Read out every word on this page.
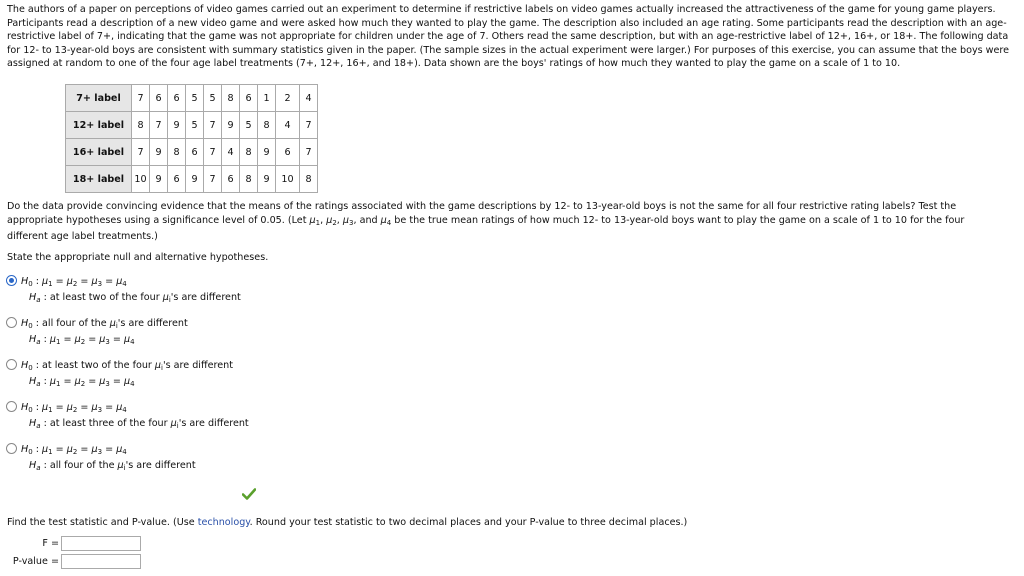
The authors of a paper on perceptions of video games carried out an experiment to determine if restrictive labels on video games actually increased the attractiveness of the game for young game players. Participants read a description of a new video game and were asked how much they wanted to play the game. The description also included an age rating. Some participants read the description with an age-restrictive label of 7+, indicating that the game was not appropriate for children under the age of 7. Others read the same description, but with an age-restrictive label of 12+, 16+, or 18+. The following data for 12- to 13-year-old boys are consistent with summary statistics given in the paper. (The sample sizes in the actual experiment were larger.) For purposes of this exercise, you can assume that the boys were assigned at random to one of the four age label treatments (7+, 12+, 16+, and 18+). Data shown are the boys' ratings of how much they wanted to play the game on a scale of 1 to 10.
7+ label	7	6	6	5	5	8	6	1	2	4
12+ label	8	7	9	5	7	9	5	8	4	7
16+ label	7	9	8	6	7	4	8	9	6	7
18+ label	10	9	6	9	7	6	8	9	10	8
Do the data provide convincing evidence that the means of the ratings associated with the game descriptions by 12- to 13-year-old boys is not the same for all four restrictive rating labels? Test the appropriate hypotheses using a significance level of 0.05. (Let $\mu_1$, $\mu_2$, $\mu_3$, and $\mu_4$ be the true mean ratings of how much 12- to 13-year-old boys want to play the game on a scale of 1 to 10 for the four different age label treatments.)
State the appropriate null and alternative hypotheses.
$H_0$ : $\mu_1 = \mu_2 = \mu_3 = \mu_4$
$H_a$ : at least two of the four $\mu_i's$ are different
$H_0$ : all four of the $\mu_i's$ are different
$H_a$ : $\mu_1 = \mu_2 = \mu_3 = \mu_4$
$H_0$ : at least two of the four $\mu_i's$ are different
$H_a$ : $\mu_1 = \mu_2 = \mu_3 = \mu_4$
$H_0$ : $\mu_1 = \mu_2 = \mu_3 = \mu_4$
$H_a$ : at least three of the four $\mu_i's$ are different
$H_0$ : $\mu_1 = \mu_2 = \mu_3 = \mu_4$
$H_a$ : all four of the $\mu_i's$ are different
Find the test statistic and P-value. (Use technology. Round your test statistic to two decimal places and your P-value to three decimal places.)
F =
P-value =
